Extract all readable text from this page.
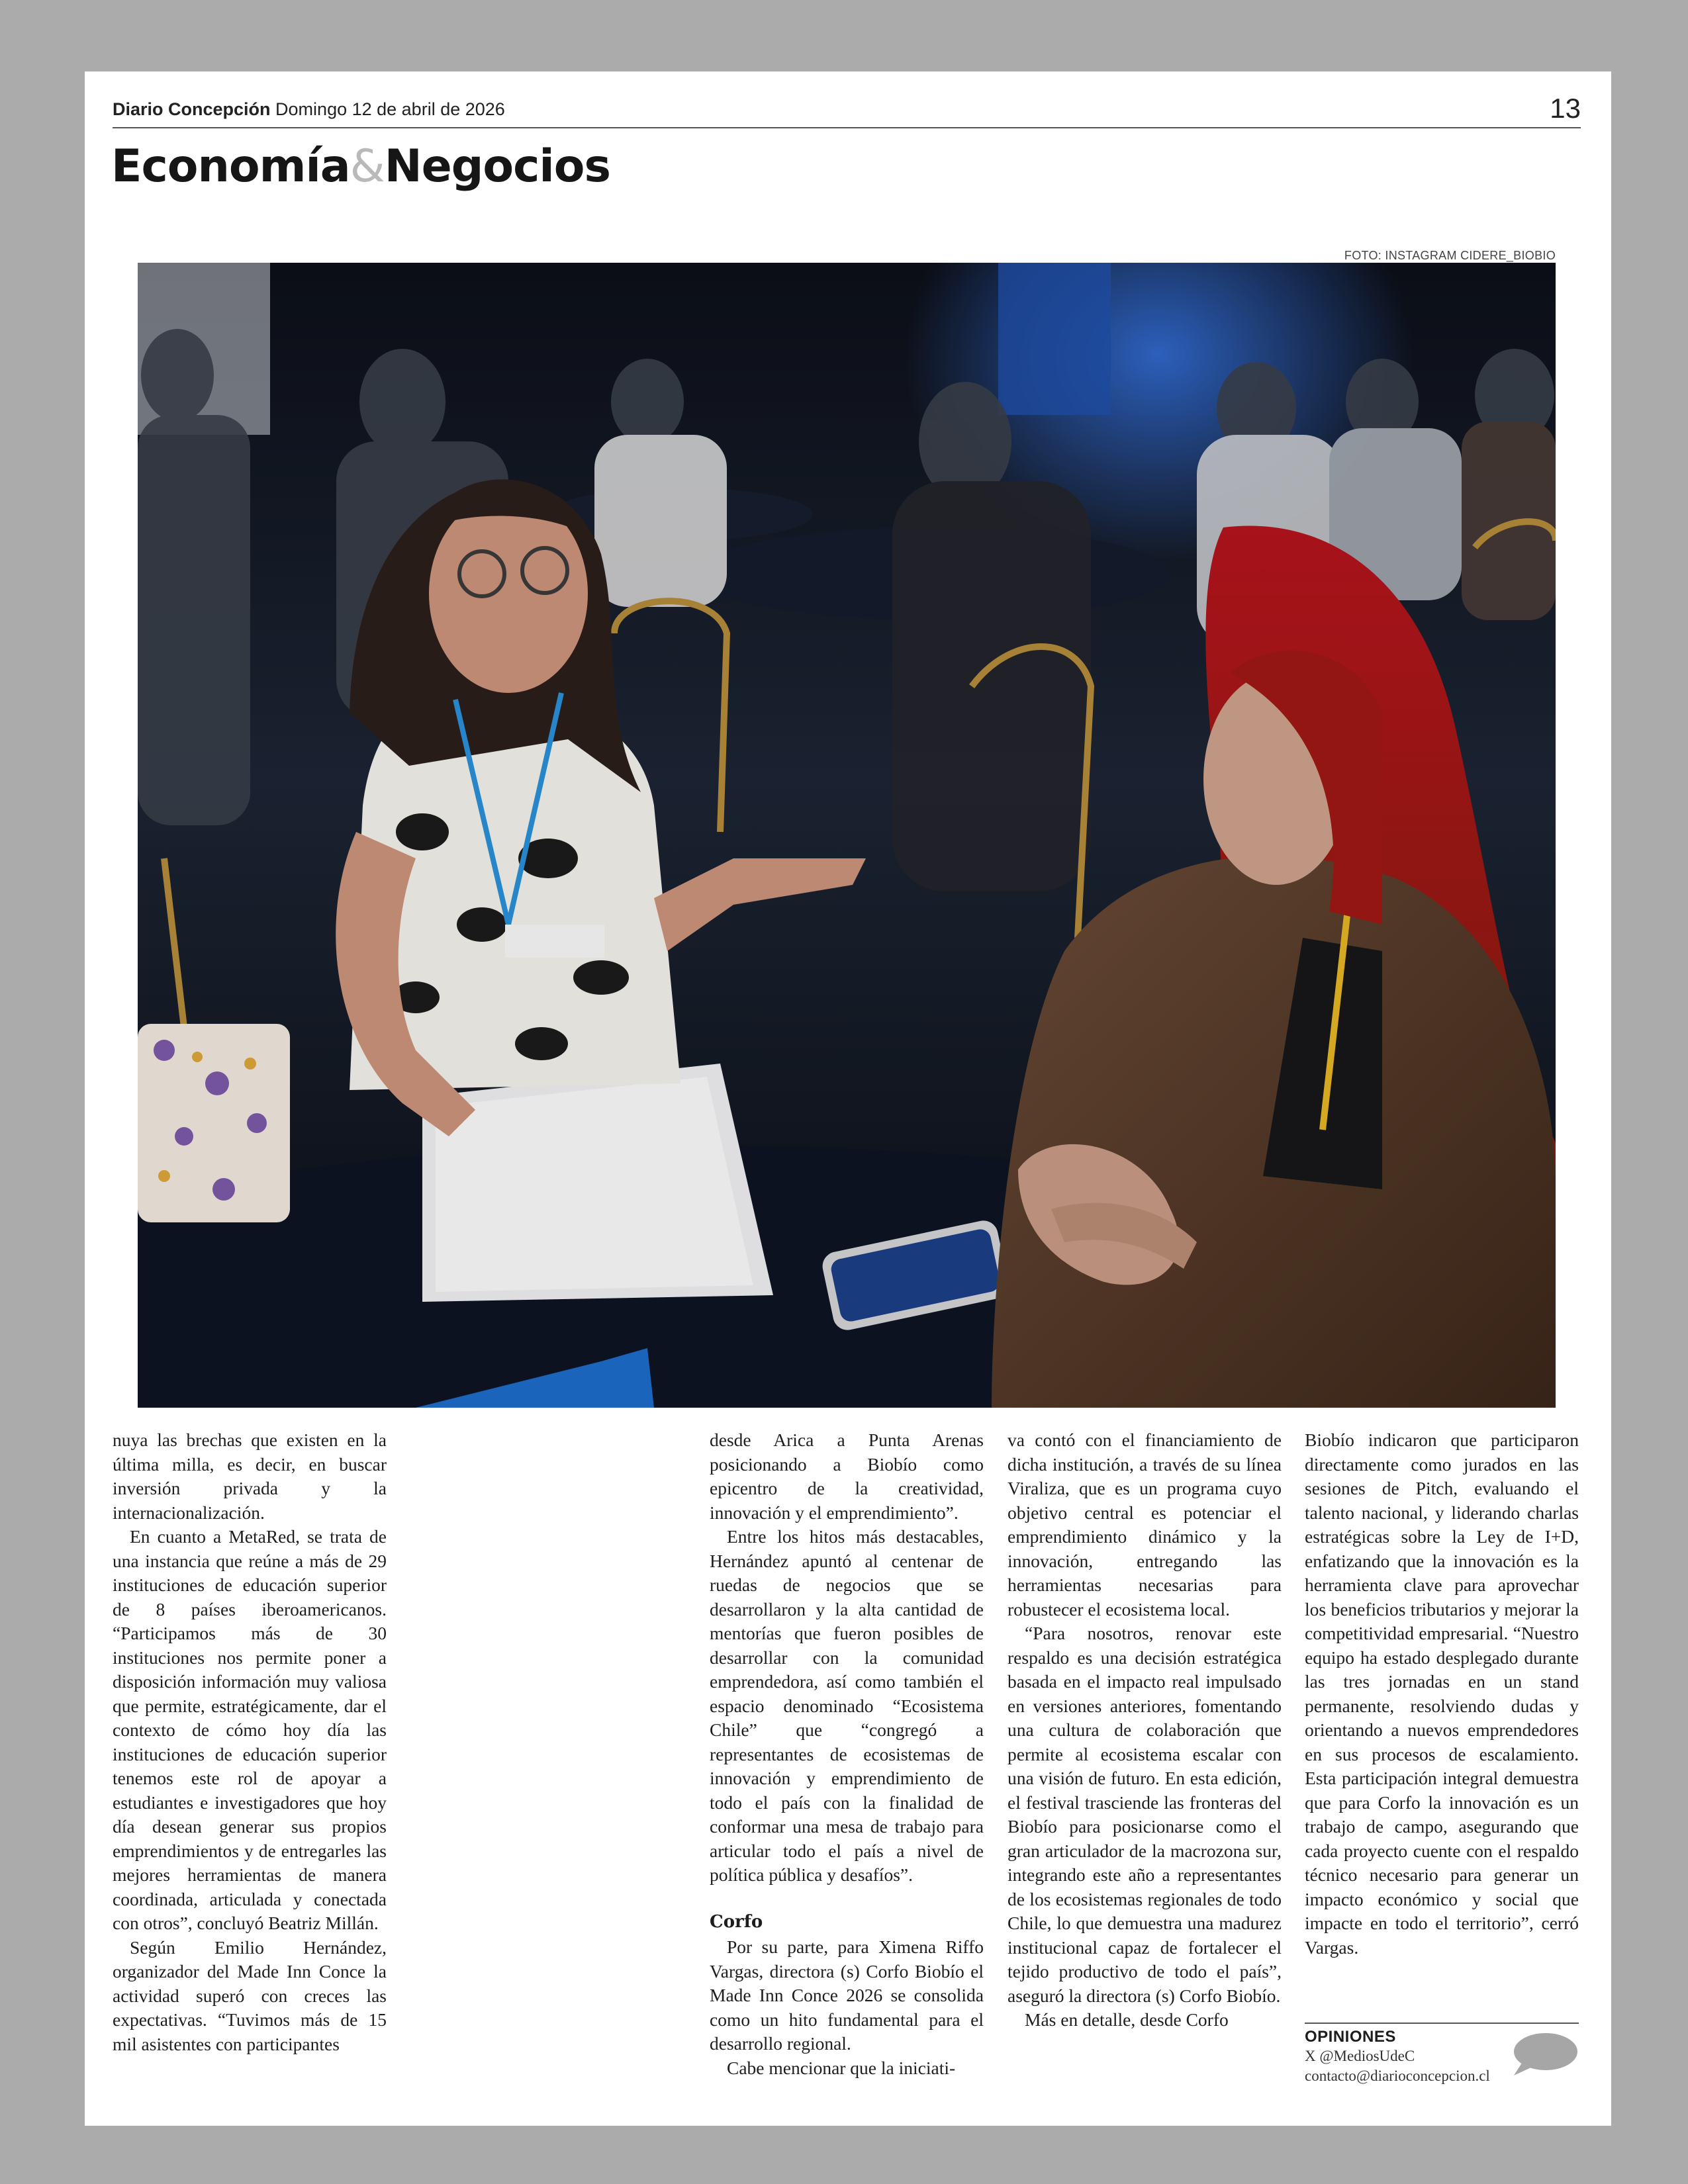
Diario Concepción Domingo 12 de abril de 2026	13
Economía&Negocios
FOTO: INSTAGRAM CIDERE_BIOBIO

nuya las brechas que existen en la última milla, es decir, en buscar inversión privada y la internacionalización.

En cuanto a MetaRed, se trata de una instancia que reúne a más de 29 instituciones de educación superior de 8 países iberoamericanos. “Participamos más de 30 instituciones nos permite poner a disposición información muy valiosa que permite, estratégicamente, dar el contexto de cómo hoy día las instituciones de educación superior tenemos este rol de apoyar a estudiantes e investigadores que hoy día desean generar sus propios emprendimientos y de entregarles las mejores herramientas de manera coordinada, articulada y conectada con otros”, concluyó Beatriz Millán.

Según Emilio Hernández, organizador del Made Inn Conce la actividad superó con creces las expectativas. “Tuvimos más de 15 mil asistentes con participantes

desde Arica a Punta Arenas posicionando a Biobío como epicentro de la creatividad, innovación y el emprendimiento”.

Entre los hitos más destacables, Hernández apuntó al centenar de ruedas de negocios que se desarrollaron y la alta cantidad de mentorías que fueron posibles de desarrollar con la comunidad emprendedora, así como también el espacio denominado “Ecosistema Chile” que “congregó a representantes de ecosistemas de innovación y emprendimiento de todo el país con la finalidad de conformar una mesa de trabajo para articular todo el país a nivel de política pública y desafíos”.

Corfo

Por su parte, para Ximena Riffo Vargas, directora (s) Corfo Biobío el Made Inn Conce 2026 se consolida como un hito fundamental para el desarrollo regional.

Cabe mencionar que la iniciati-

va contó con el financiamiento de dicha institución, a través de su línea Viraliza, que es un programa cuyo objetivo central es potenciar el emprendimiento dinámico y la innovación, entregando las herramientas necesarias para robustecer el ecosistema local.

“Para nosotros, renovar este respaldo es una decisión estratégica basada en el impacto real impulsado en versiones anteriores, fomentando una cultura de colaboración que permite al ecosistema escalar con una visión de futuro. En esta edición, el festival trasciende las fronteras del Biobío para posicionarse como el gran articulador de la macrozona sur, integrando este año a representantes de los ecosistemas regionales de todo Chile, lo que demuestra una madurez institucional capaz de fortalecer el tejido productivo de todo el país”, aseguró la directora (s) Corfo Biobío.

Más en detalle, desde Corfo

Biobío indicaron que participaron directamente como jurados en las sesiones de Pitch, evaluando el talento nacional, y liderando charlas estratégicas sobre la Ley de I+D, enfatizando que la innovación es la herramienta clave para aprovechar los beneficios tributarios y mejorar la competitividad empresarial. “Nuestro equipo ha estado desplegado durante las tres jornadas en un stand permanente, resolviendo dudas y orientando a nuevos emprendedores en sus procesos de escalamiento. Esta participación integral demuestra que para Corfo la innovación es un trabajo de campo, asegurando que cada proyecto cuente con el respaldo técnico necesario para generar un impacto económico y social que impacte en todo el territorio”, cerró Vargas.

OPINIONES
X @MediosUdeC
contacto@diarioconcepcion.cl
